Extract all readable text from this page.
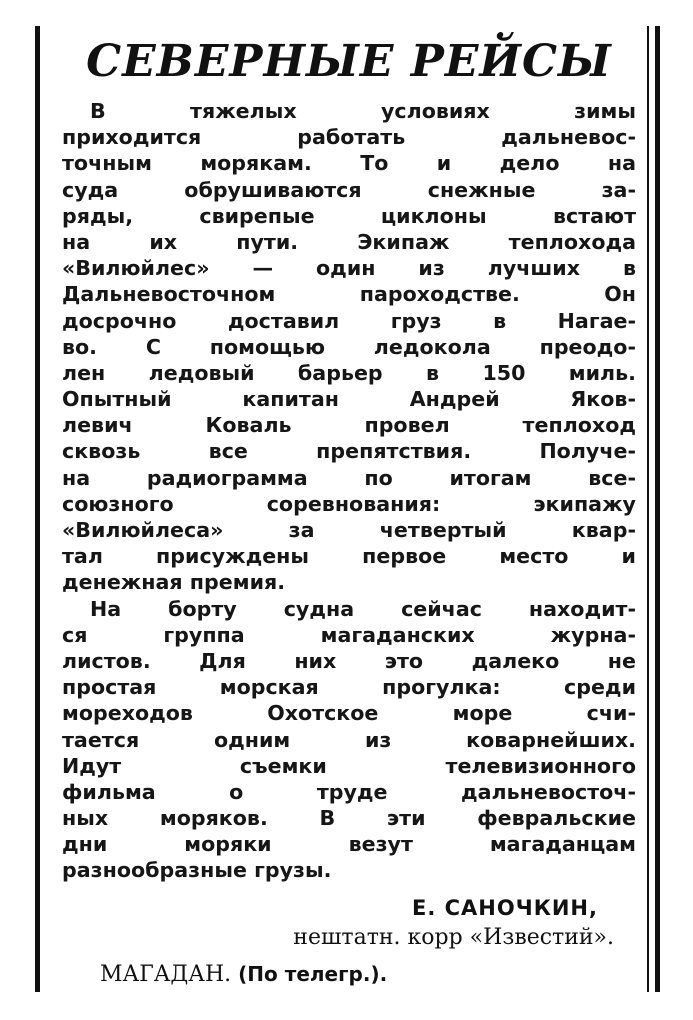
СЕВЕРНЫЕ РЕЙСЫ
В тяжелых условиях зимы
приходится работать дальневос-
точным морякам. То и дело на
суда обрушиваются снежные за-
ряды, свирепые циклоны встают
на их пути. Экипаж теплохода
«Вилюйлес» — один из лучших в
Дальневосточном пароходстве. Он
досрочно доставил груз в Нагае-
во. С помощью ледокола преодо-
лен ледовый барьер в 150 миль.
Опытный капитан Андрей Яков-
левич Коваль провел теплоход
сквозь все препятствия. Получе-
на радиограмма по итогам все-
союзного соревнования: экипажу
«Вилюйлеса» за четвертый квар-
тал присуждены первое место и
денежная премия.
На борту судна сейчас находит-
ся группа магаданских журна-
листов. Для них это далеко не
простая морская прогулка: среди
мореходов Охотское море счи-
тается одним из коварнейших.
Идут съемки телевизионного
фильма о труде дальневосточ-
ных моряков. В эти февральские
дни моряки везут магаданцам
разнообразные грузы.
Е. САНОЧКИН,
нештатн. корр «Известий».
МАГАДАН. (По телегр.).
